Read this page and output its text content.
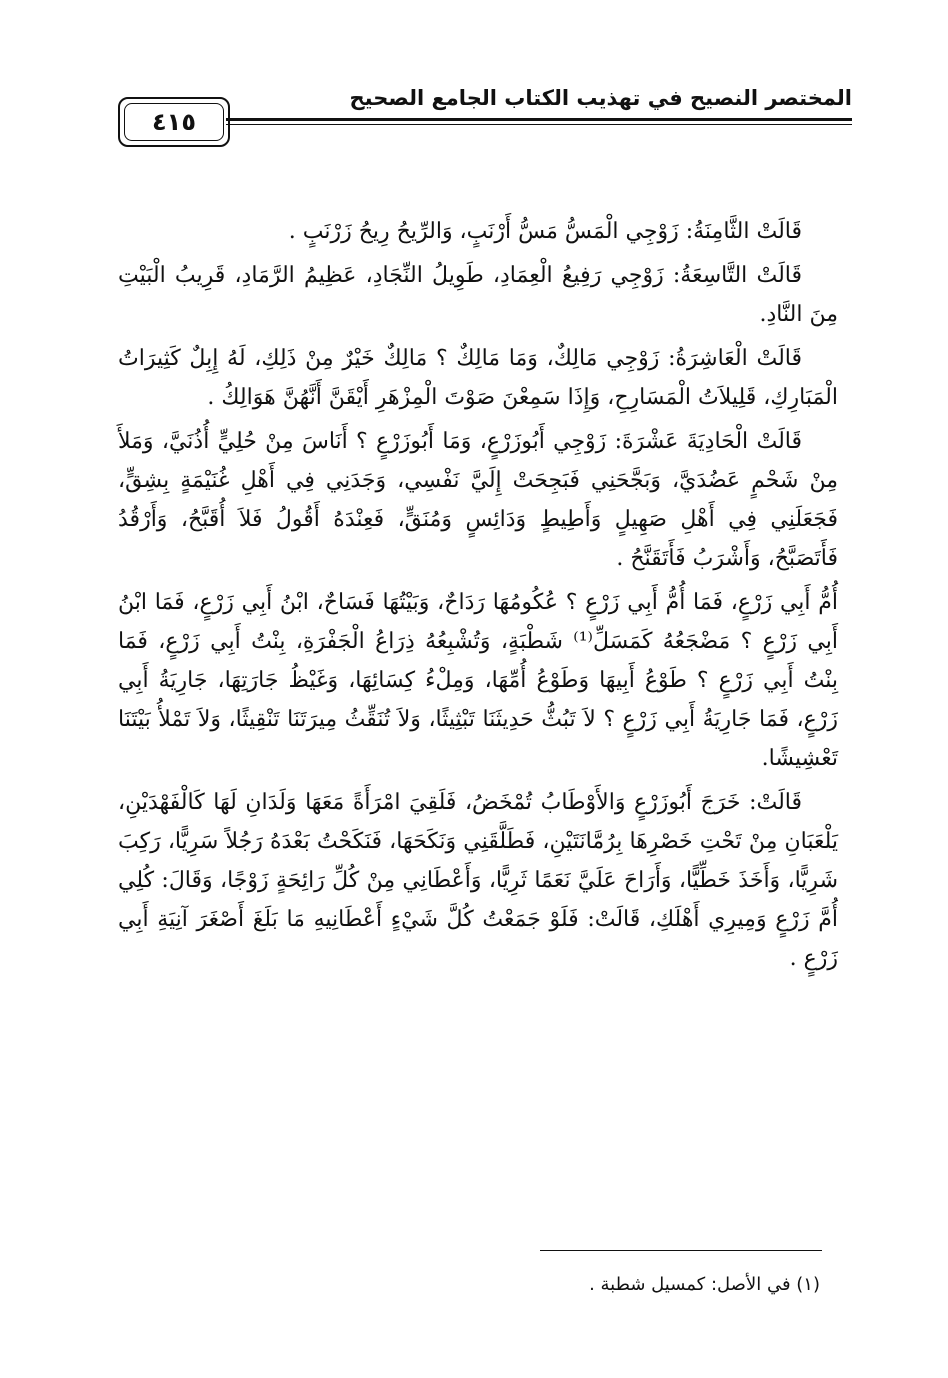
٤١٥
المختصر النصيح في تهذيب الكتاب الجامع الصحيح

قَالَتْ الثَّامِنَةُ: زَوْجِي الْمَسُّ مَسُّ أَرْنَبٍ، وَالرِّيحُ رِيحُ زَرْنَبٍ .

قَالَتْ التَّاسِعَةُ: زَوْجِي رَفِيعُ الْعِمَادِ، طَوِيلُ النِّجَادِ، عَظِيمُ الرَّمَادِ، قَرِيبُ الْبَيْتِ مِنَ النَّادِ.

قَالَتْ الْعَاشِرَةُ: زَوْجِي مَالِكٌ، وَمَا مَالِكٌ ؟ مَالِكٌ خَيْرٌ مِنْ ذَلِكِ، لَهُ إِبِلٌ كَثِيرَاتُ الْمَبَارِكِ، قَلِيلاَتُ الْمَسَارِحِ، وَإِذَا سَمِعْنَ صَوْتَ الْمِزْهَرِ أَيْقَنَّ أَنَّهُنَّ هَوَالِكُ .

قَالَتْ الْحَادِيَةَ عَشْرَةَ: زَوْجِي أَبُوزَرْعٍ، وَمَا أَبُوزَرْعٍ ؟ أَنَاسَ مِنْ حُلِيٍّ أُذُنَيَّ، وَمَلأَ مِنْ شَحْمٍ عَضُدَيَّ، وَبَجَّحَنِي فَبَجِحَتْ إِلَيَّ نَفْسِي، وَجَدَنِي فِي أَهْلِ غُنَيْمَةٍ بِشِقٍّ، فَجَعَلَنِي فِي أَهْلِ صَهِيلٍ وَأَطِيطٍ وَدَائِسٍ وَمُنَقٍّ، فَعِنْدَهُ أَقُولُ فَلاَ أُقَبَّحُ، وَأَرْقُدُ فَأَتَصَبَّحُ، وَأَشْرَبُ فَأَتَقَنَّحُ .

أُمُّ أَبِي زَرْعٍ، فَمَا أُمُّ أَبِي زَرْعٍ ؟ عُكُومُهَا رَدَاحٌ، وَبَيْتُهَا فَسَاحٌ، ابْنُ أَبِي زَرْعٍ، فَمَا ابْنُ أَبِي زَرْعٍ ؟ مَضْجَعُهُ كَمَسَلِّ⁽¹⁾ شَطْبَةٍ، وَتُشْبِعُهُ ذِرَاعُ الْجَفْرَةِ، بِنْتُ أَبِي زَرْعٍ، فَمَا بِنْتُ أَبِي زَرْعٍ ؟ طَوْعُ أَبِيهَا وَطَوْعُ أُمِّهَا، وَمِلْءُ كِسَائِهَا، وَغَيْظُ جَارَتِهَا، جَارِيَةُ أَبِي زَرْعٍ، فَمَا جَارِيَةُ أَبِي زَرْعٍ ؟ لاَ تَبُثُّ حَدِيثَنَا تَبْثِيثًا، وَلاَ تُنَقِّثُ مِيرَتَنَا تَنْقِيثًا، وَلاَ تَمْلأُ بَيْتَنَا تَعْشِيشًا.

قَالَتْ: خَرَجَ أَبُوزَرْعٍ وَالأَوْطَابُ تُمْخَضُ، فَلَقِيَ امْرَأَةً مَعَهَا وَلَدَانِ لَهَا كَالْفَهْدَيْنِ، يَلْعَبَانِ مِنْ تَحْتِ خَصْرِهَا بِرُمَّانَتَيْنِ، فَطَلَّقَنِي وَنَكَحَهَا، فَنَكَحْتُ بَعْدَهُ رَجُلاً سَرِيًّا، رَكِبَ شَرِيًّا، وَأَخَذَ خَطِّيًّا، وَأَرَاحَ عَلَيَّ نَعَمًا ثَرِيًّا، وَأَعْطَانِي مِنْ كُلِّ رَائِحَةٍ زَوْجًا، وَقَالَ: كُلِي أُمَّ زَرْعٍ وَمِيرِي أَهْلَكِ، قَالَتْ: فَلَوْ جَمَعْتُ كُلَّ شَيْءٍ أَعْطَانِيهِ مَا بَلَغَ أَصْغَرَ آنِيَةِ أَبِي زَرْعٍ .

(١) في الأصل: كمسيل شطبة .
